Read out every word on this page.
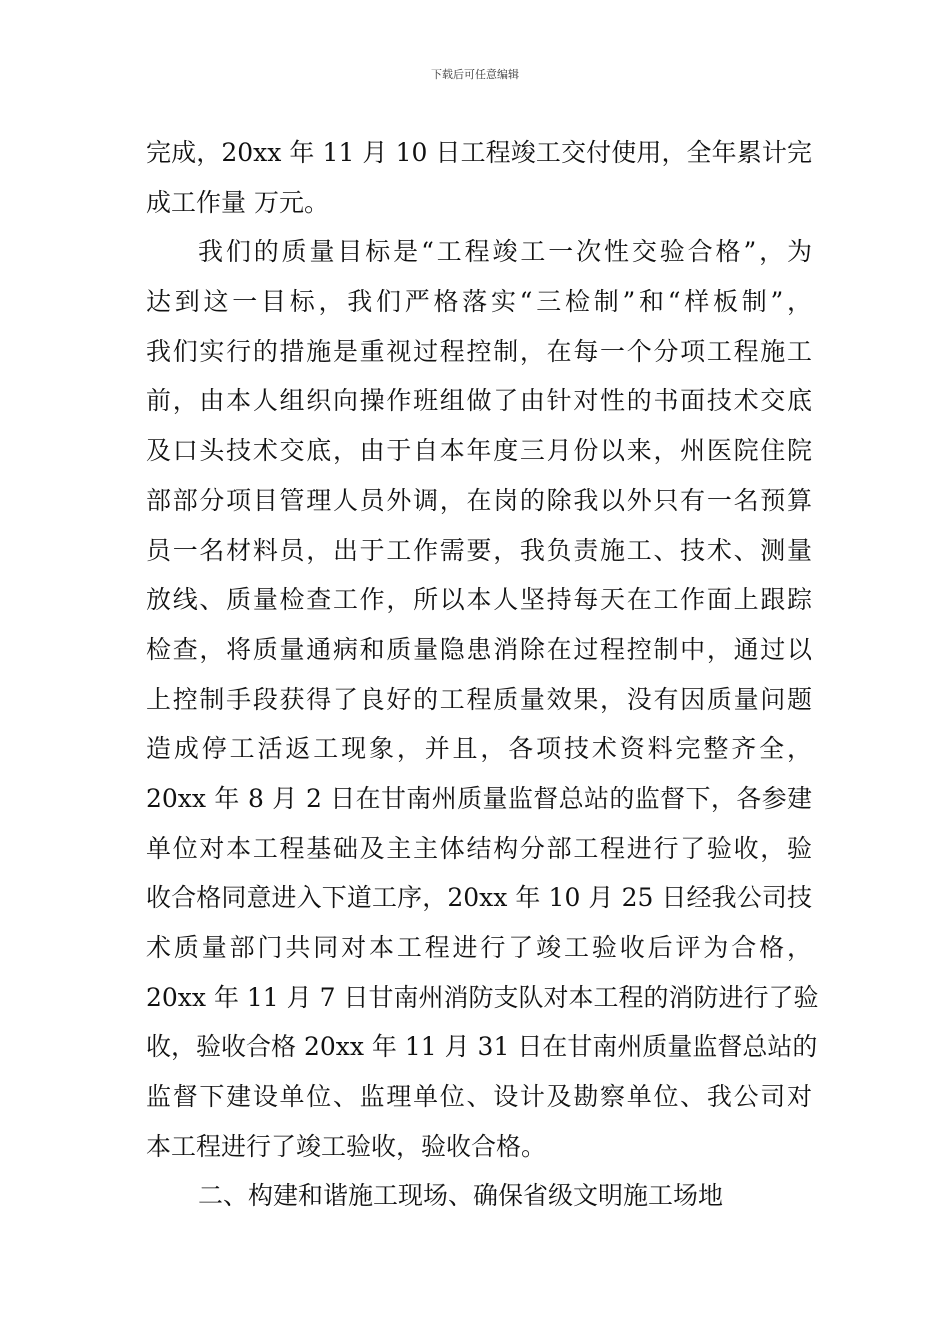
下载后可任意编辑
完成，20xx 年 11 月 10 日工程竣工交付使用，全年累计完
成工作量 万元。
我们的质量目标是“工程竣工一次性交验合格”，为
达到这一目标，我们严格落实“三检制”和“样板制”，
我们实行的措施是重视过程控制，在每一个分项工程施工
前，由本人组织向操作班组做了由针对性的书面技术交底
及口头技术交底，由于自本年度三月份以来，州医院住院
部部分项目管理人员外调，在岗的除我以外只有一名预算
员一名材料员，出于工作需要，我负责施工、技术、测量
放线、质量检查工作，所以本人坚持每天在工作面上跟踪
检查，将质量通病和质量隐患消除在过程控制中，通过以
上控制手段获得了良好的工程质量效果，没有因质量问题
造成停工活返工现象，并且，各项技术资料完整齐全，
20xx 年 8 月 2 日在甘南州质量监督总站的监督下，各参建
单位对本工程基础及主主体结构分部工程进行了验收，验
收合格同意进入下道工序，20xx 年 10 月 25 日经我公司技
术质量部门共同对本工程进行了竣工验收后评为合格，
20xx 年 11 月 7 日甘南州消防支队对本工程的消防进行了验
收，验收合格 20xx 年 11 月 31 日在甘南州质量监督总站的
监督下建设单位、监理单位、设计及勘察单位、我公司对
本工程进行了竣工验收，验收合格。
二、构建和谐施工现场、确保省级文明施工场地
